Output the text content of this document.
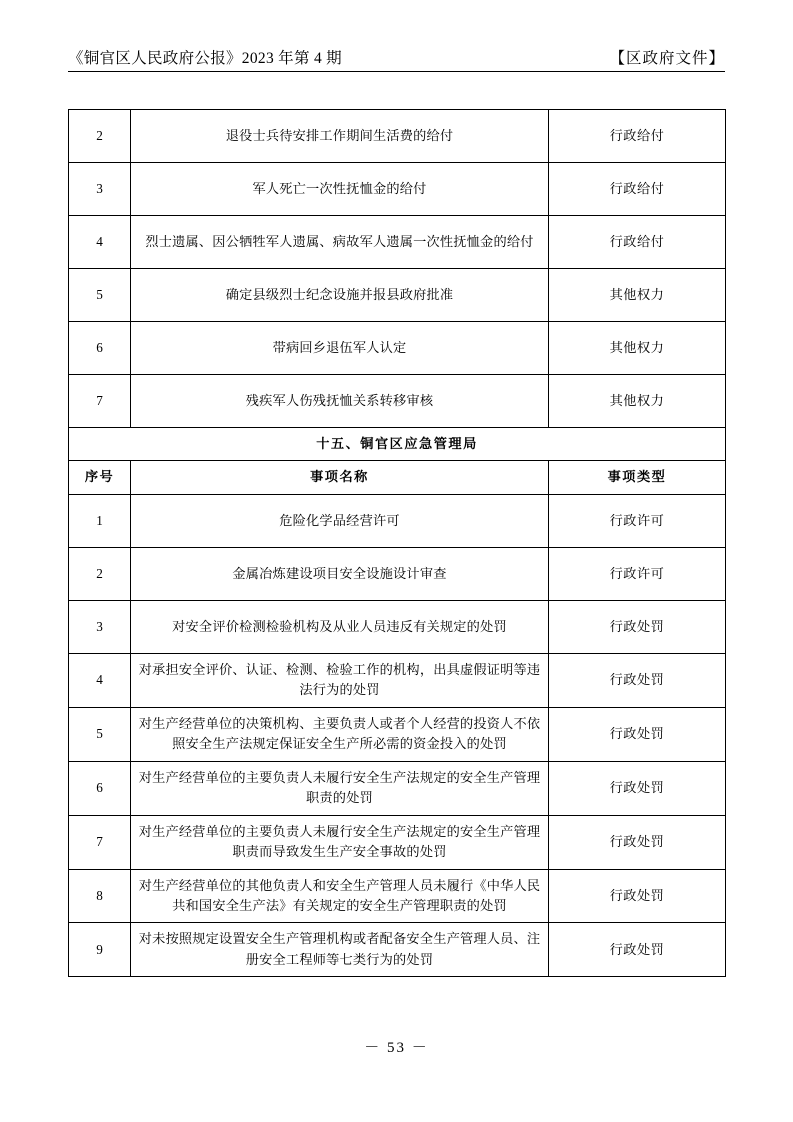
《铜官区人民政府公报》2023 年第 4 期	【区政府文件】
2	退役士兵待安排工作期间生活费的给付	行政给付
3	军人死亡一次性抚恤金的给付	行政给付
4	烈士遗属、因公牺牲军人遗属、病故军人遗属一次性抚恤金的给付	行政给付
5	确定县级烈士纪念设施并报县政府批准	其他权力
6	带病回乡退伍军人认定	其他权力
7	残疾军人伤残抚恤关系转移审核	其他权力
十五、铜官区应急管理局		
序号	事项名称	事项类型
1	危险化学品经营许可	行政许可
2	金属冶炼建设项目安全设施设计审查	行政许可
3	对安全评价检测检验机构及从业人员违反有关规定的处罚	行政处罚
4	对承担安全评价、认证、检测、检验工作的机构，出具虚假证明等违法行为的处罚	行政处罚
5	对生产经营单位的决策机构、主要负责人或者个人经营的投资人不依照安全生产法规定保证安全生产所必需的资金投入的处罚	行政处罚
6	对生产经营单位的主要负责人未履行安全生产法规定的安全生产管理职责的处罚	行政处罚
7	对生产经营单位的主要负责人未履行安全生产法规定的安全生产管理职责而导致发生生产安全事故的处罚	行政处罚
8	对生产经营单位的其他负责人和安全生产管理人员未履行《中华人民共和国安全生产法》有关规定的安全生产管理职责的处罚	行政处罚
9	对未按照规定设置安全生产管理机构或者配备安全生产管理人员、注册安全工程师等七类行为的处罚	行政处罚
－ 53 －
